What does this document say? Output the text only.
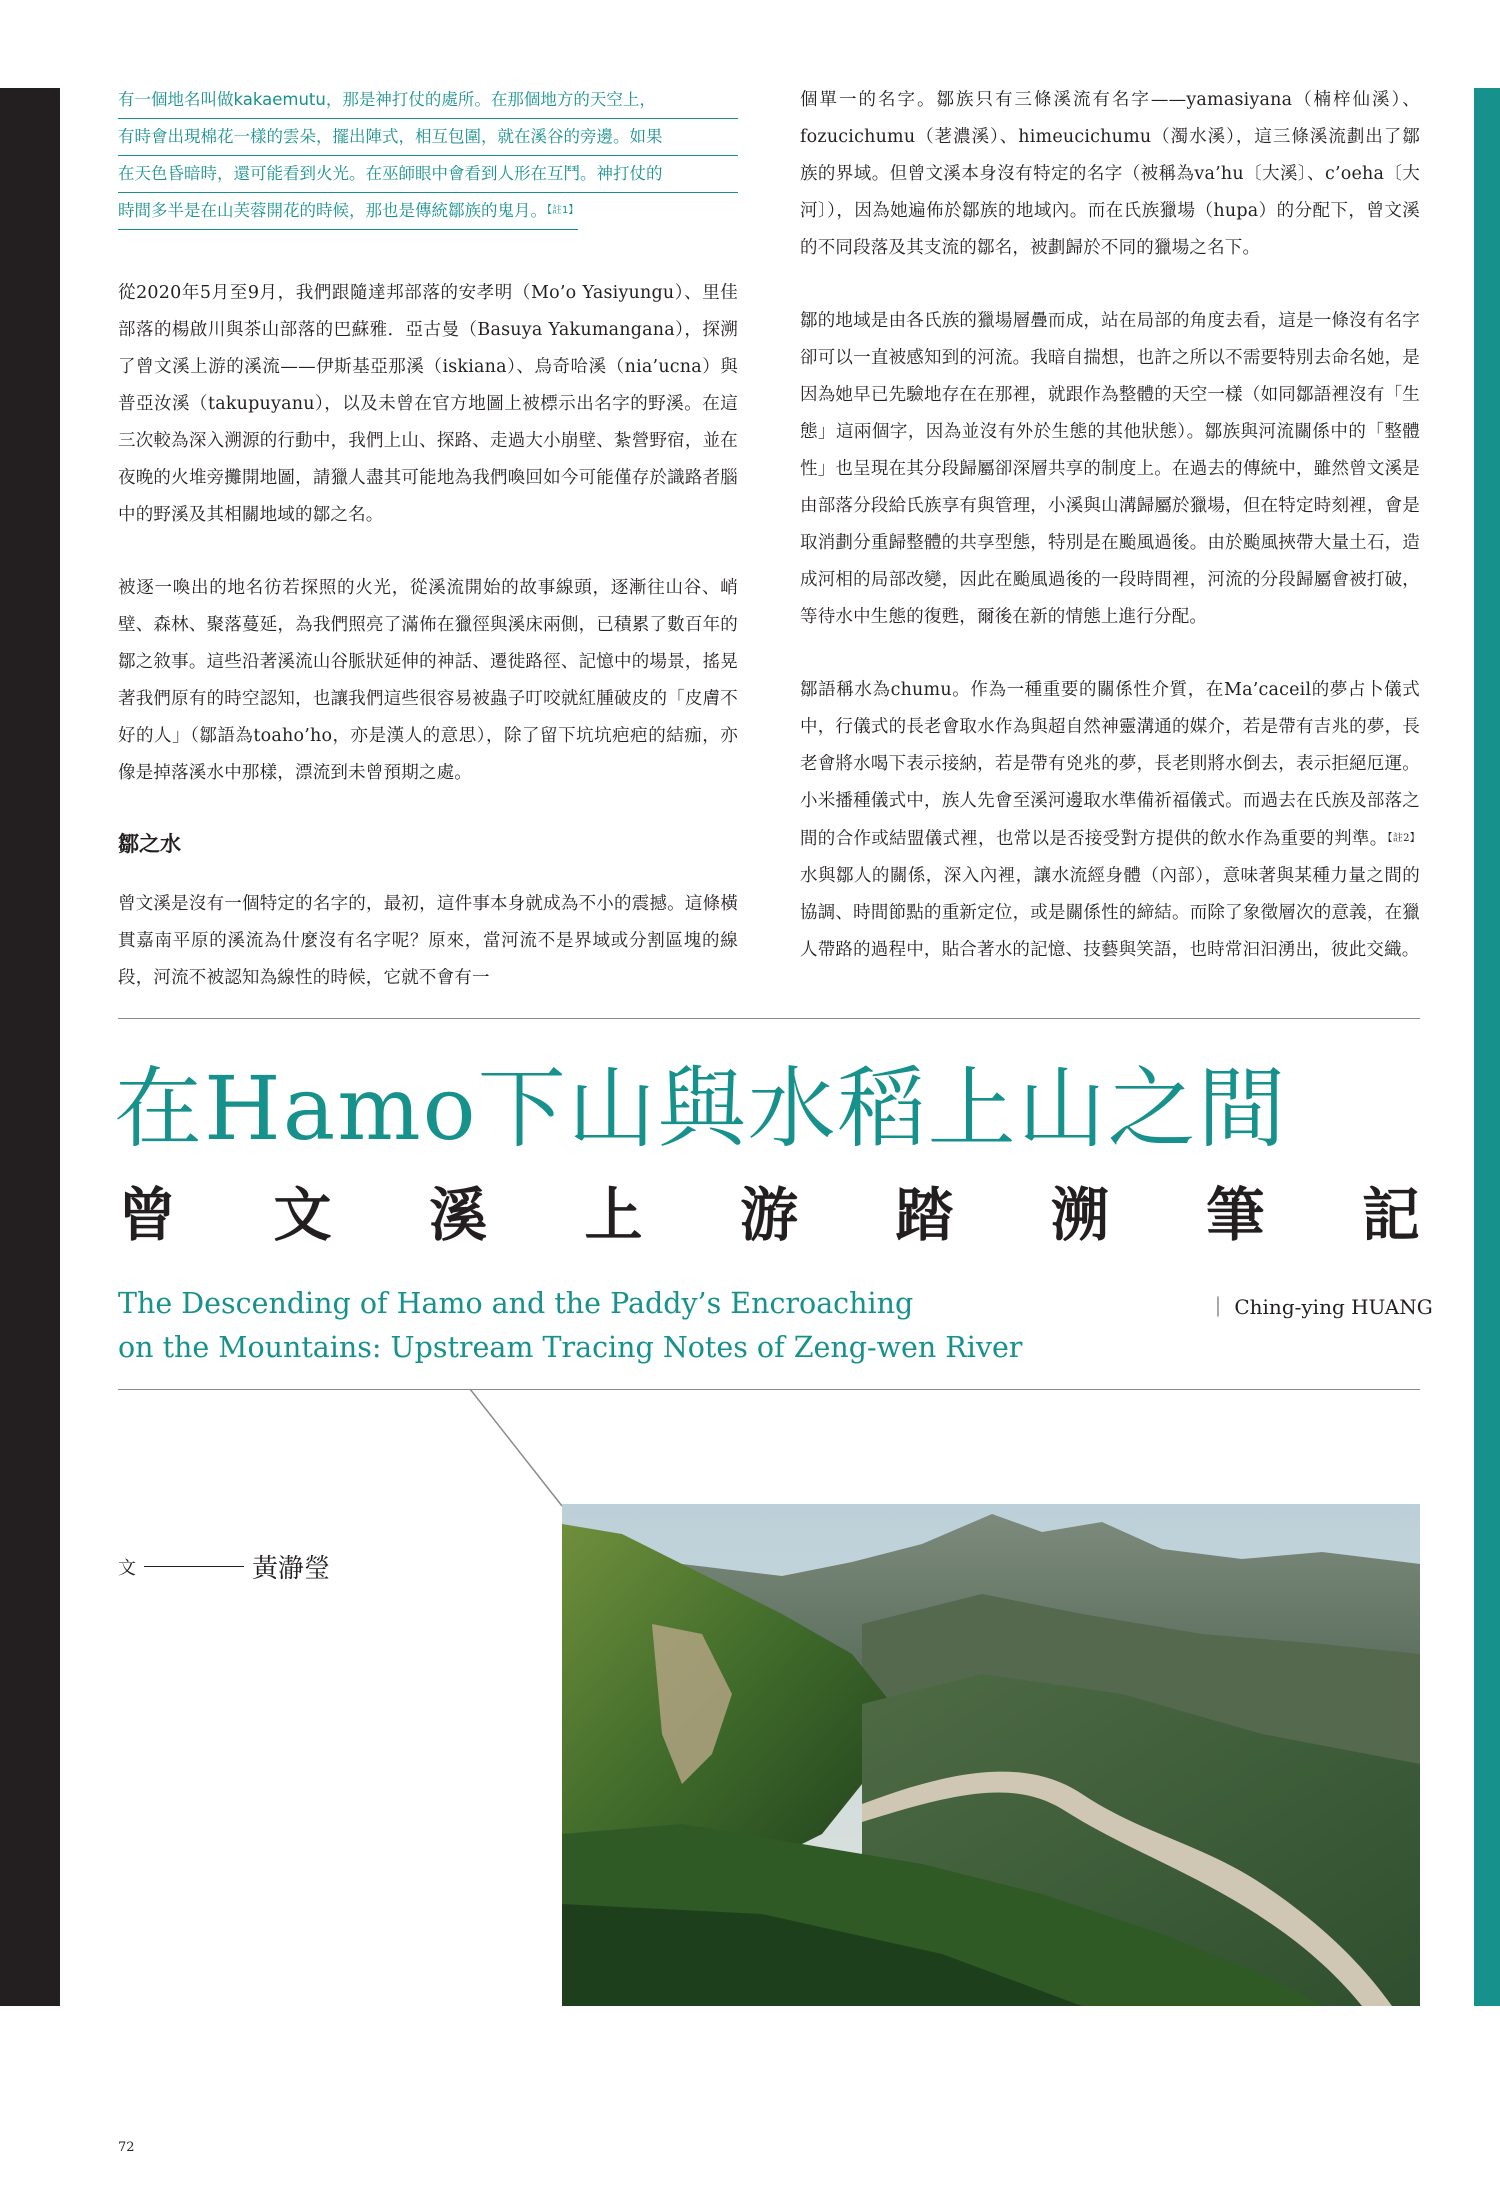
有一個地名叫做kakaemutu，那是神打仗的處所。在那個地方的天空上，
有時會出現棉花一樣的雲朵，擺出陣式，相互包圍，就在溪谷的旁邊。如果
在天色昏暗時，還可能看到火光。在巫師眼中會看到人形在互鬥。神打仗的
時間多半是在山芙蓉開花的時候，那也是傳統鄒族的鬼月。【註1】

從2020年5月至9月，我們跟隨達邦部落的安孝明（Mo’o Yasiyungu）、里佳部落的楊啟川與茶山部落的巴蘇雅．亞古曼（Basuya Yakumangana），探溯了曾文溪上游的溪流——伊斯基亞那溪（iskiana）、烏奇哈溪（nia’ucna）與普亞汝溪（takupuyanu），以及未曾在官方地圖上被標示出名字的野溪。在這三次較為深入溯源的行動中，我們上山、探路、走過大小崩壁、紮營野宿，並在夜晚的火堆旁攤開地圖，請獵人盡其可能地為我們喚回如今可能僅存於識路者腦中的野溪及其相關地域的鄒之名。

被逐一喚出的地名彷若探照的火光，從溪流開始的故事線頭，逐漸往山谷、峭壁、森林、聚落蔓延，為我們照亮了滿佈在獵徑與溪床兩側，已積累了數百年的鄒之敘事。這些沿著溪流山谷脈狀延伸的神話、遷徙路徑、記憶中的場景，搖晃著我們原有的時空認知，也讓我們這些很容易被蟲子叮咬就紅腫破皮的「皮膚不好的人」（鄒語為toaho’ho，亦是漢人的意思），除了留下坑坑疤疤的結痂，亦像是掉落溪水中那樣，漂流到未曾預期之處。

鄒之水

曾文溪是沒有一個特定的名字的，最初，這件事本身就成為不小的震撼。這條橫貫嘉南平原的溪流為什麼沒有名字呢？原來，當河流不是界域或分割區塊的線段，河流不被認知為線性的時候，它就不會有一

個單一的名字。鄒族只有三條溪流有名字——yamasiyana（楠梓仙溪）、fozucichumu（荖濃溪）、himeucichumu（濁水溪），這三條溪流劃出了鄒族的界域。但曾文溪本身沒有特定的名字（被稱為va’hu〔大溪〕、c’oeha〔大河〕），因為她遍佈於鄒族的地域內。而在氏族獵場（hupa）的分配下，曾文溪的不同段落及其支流的鄒名，被劃歸於不同的獵場之名下。

鄒的地域是由各氏族的獵場層疊而成，站在局部的角度去看，這是一條沒有名字卻可以一直被感知到的河流。我暗自揣想，也許之所以不需要特別去命名她，是因為她早已先驗地存在在那裡，就跟作為整體的天空一樣（如同鄒語裡沒有「生態」這兩個字，因為並沒有外於生態的其他狀態）。鄒族與河流關係中的「整體性」也呈現在其分段歸屬卻深層共享的制度上。在過去的傳統中，雖然曾文溪是由部落分段給氏族享有與管理，小溪與山溝歸屬於獵場，但在特定時刻裡，會是取消劃分重歸整體的共享型態，特別是在颱風過後。由於颱風挾帶大量土石，造成河相的局部改變，因此在颱風過後的一段時間裡，河流的分段歸屬會被打破，等待水中生態的復甦，爾後在新的情態上進行分配。

鄒語稱水為chumu。作為一種重要的關係性介質，在Ma’caceil的夢占卜儀式中，行儀式的長老會取水作為與超自然神靈溝通的媒介，若是帶有吉兆的夢，長老會將水喝下表示接納，若是帶有兇兆的夢，長老則將水倒去，表示拒絕厄運。小米播種儀式中，族人先會至溪河邊取水準備祈福儀式。而過去在氏族及部落之間的合作或結盟儀式裡，也常以是否接受對方提供的飲水作為重要的判準。【註2】水與鄒人的關係，深入內裡，讓水流經身體（內部），意味著與某種力量之間的協調、時間節點的重新定位，或是關係性的締結。而除了象徵層次的意義，在獵人帶路的過程中，貼合著水的記憶、技藝與笑語，也時常汩汩湧出，彼此交織。

在Hamo下山與水稻上山之間
曾 文 溪 上 游 踏 溯 筆 記
The Descending of Hamo and the Paddy’s Encroaching
on the Mountains: Upstream Tracing Notes of Zeng-wen River
｜ Ching-ying HUANG
文	黃瀞瑩
72
